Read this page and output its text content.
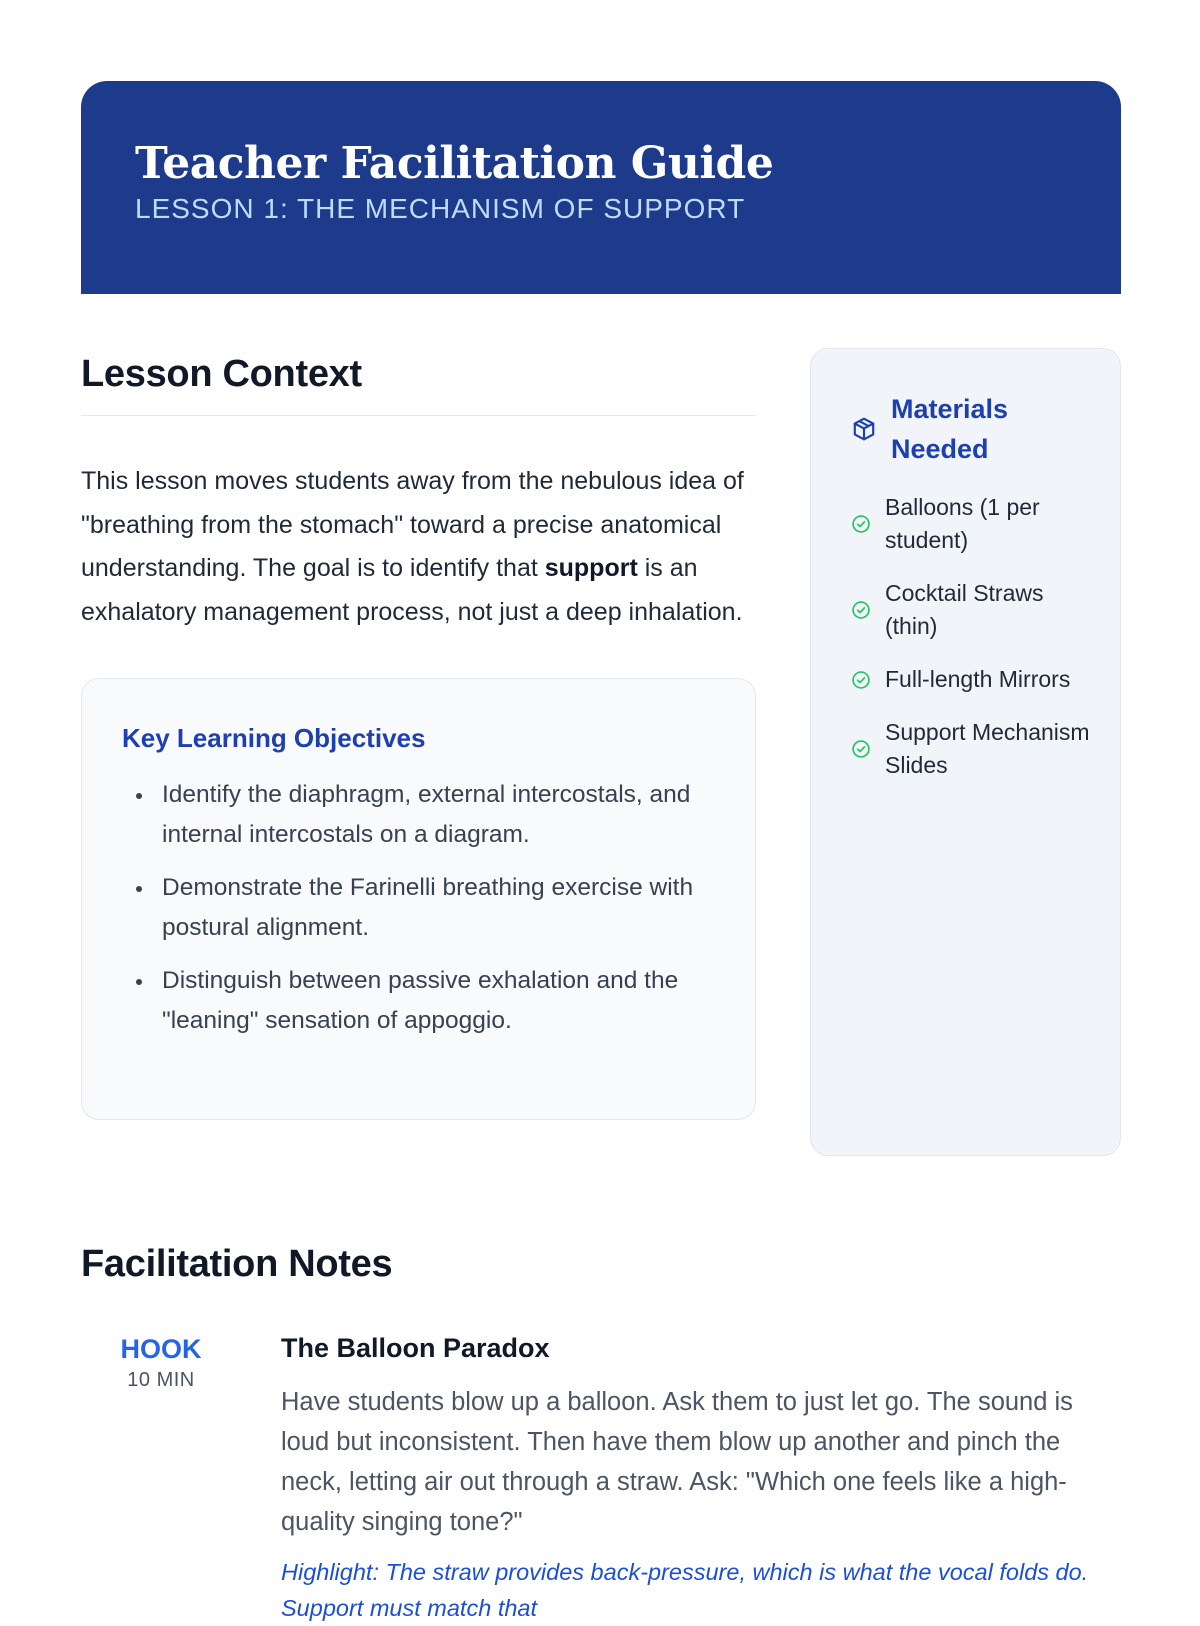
Teacher Facilitation Guide
LESSON 1: THE MECHANISM OF SUPPORT
Lesson Context

This lesson moves students away from the nebulous idea of "breathing from the stomach" toward a precise anatomical understanding. The goal is to identify that support is an exhalatory management process, not just a deep inhalation.

Key Learning Objectives
Identify the diaphragm, external intercostals, and internal intercostals on a diagram.
Demonstrate the Farinelli breathing exercise with postural alignment.
Distinguish between passive exhalation and the "leaning" sensation of appoggio.
Materials Needed
Balloons (1 per student)
Cocktail Straws (thin)
Full-length Mirrors
Support Mechanism Slides
Facilitation Notes
HOOK
10 MIN
The Balloon Paradox

Have students blow up a balloon. Ask them to just let go. The sound is loud but inconsistent. Then have them blow up another and pinch the neck, letting air out through a straw. Ask: "Which one feels like a high-quality singing tone?"

Highlight: The straw provides back-pressure, which is what the vocal folds do. Support must match that
